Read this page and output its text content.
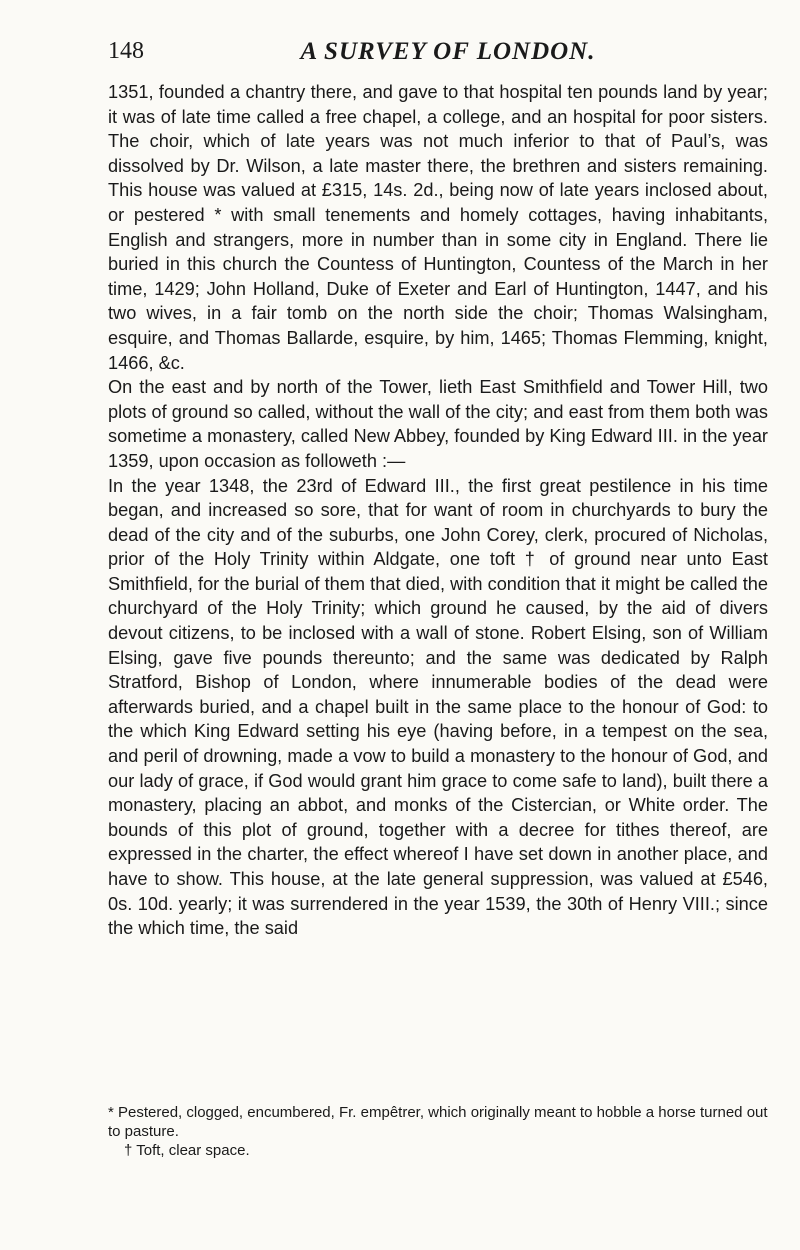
148	A SURVEY OF LONDON.

1351, founded a chantry there, and gave to that hospital ten pounds land by year; it was of late time called a free chapel, a college, and an hospital for poor sisters. The choir, which of late years was not much inferior to that of Paul’s, was dissolved by Dr. Wilson, a late master there, the brethren and sisters remaining. This house was valued at £315, 14s. 2d., being now of late years inclosed about, or pestered * with small tenements and homely cottages, having inhabitants, English and strangers, more in number than in some city in England. There lie buried in this church the Countess of Huntington, Countess of the March in her time, 1429; John Holland, Duke of Exeter and Earl of Huntington, 1447, and his two wives, in a fair tomb on the north side the choir; Thomas Walsingham, esquire, and Thomas Ballarde, esquire, by him, 1465; Thomas Flemming, knight, 1466, &c.

On the east and by north of the Tower, lieth East Smithfield and Tower Hill, two plots of ground so called, without the wall of the city; and east from them both was sometime a monastery, called New Abbey, founded by King Edward III. in the year 1359, upon occasion as followeth :—

In the year 1348, the 23rd of Edward III., the first great pestilence in his time began, and increased so sore, that for want of room in churchyards to bury the dead of the city and of the suburbs, one John Corey, clerk, procured of Nicholas, prior of the Holy Trinity within Aldgate, one toft † of ground near unto East Smithfield, for the burial of them that died, with condition that it might be called the churchyard of the Holy Trinity; which ground he caused, by the aid of divers devout citizens, to be inclosed with a wall of stone. Robert Elsing, son of William Elsing, gave five pounds thereunto; and the same was dedicated by Ralph Stratford, Bishop of London, where innumerable bodies of the dead were afterwards buried, and a chapel built in the same place to the honour of God: to the which King Edward setting his eye (having before, in a tempest on the sea, and peril of drowning, made a vow to build a monastery to the honour of God, and our lady of grace, if God would grant him grace to come safe to land), built there a monastery, placing an abbot, and monks of the Cistercian, or White order. The bounds of this plot of ground, together with a decree for tithes thereof, are expressed in the charter, the effect whereof I have set down in another place, and have to show. This house, at the late general suppression, was valued at £546, 0s. 10d. yearly; it was surrendered in the year 1539, the 30th of Henry VIII.; since the which time, the said

* Pestered, clogged, encumbered, Fr. empêtrer, which originally meant to hobble a horse turned out to pasture.

† Toft, clear space.
